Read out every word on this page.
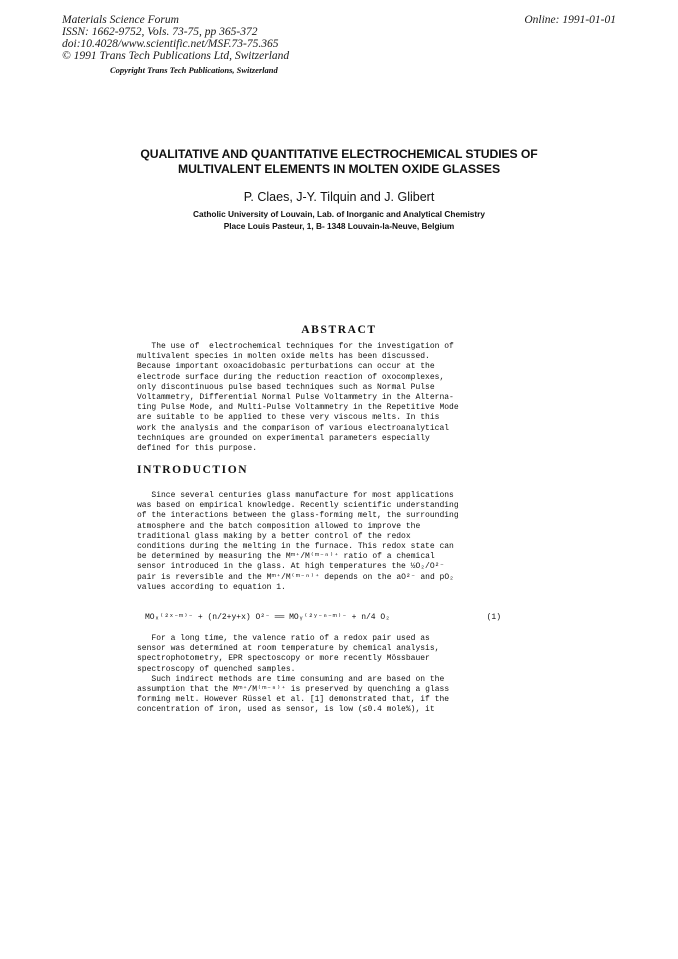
Materials Science Forum
ISSN: 1662-9752, Vols. 73-75, pp 365-372
doi:10.4028/www.scientific.net/MSF.73-75.365
© 1991 Trans Tech Publications Ltd, Switzerland
Online: 1991-01-01
Copyright Trans Tech Publications, Switzerland
QUALITATIVE AND QUANTITATIVE ELECTROCHEMICAL STUDIES OF
MULTIVALENT ELEMENTS IN MOLTEN OXIDE GLASSES
P. Claes, J-Y. Tilquin and J. Glibert
Catholic University of Louvain, Lab. of Inorganic and Analytical Chemistry
Place Louis Pasteur, 1, B- 1348 Louvain-la-Neuve, Belgium
ABSTRACT
The use of  electrochemical techniques for the investigation of
multivalent species in molten oxide melts has been discussed.
Because important oxoacidobasic perturbations can occur at the
electrode surface during the reduction reaction of oxocomplexes,
only discontinuous pulse based techniques such as Normal Pulse
Voltammetry, Differential Normal Pulse Voltammetry in the Alterna-
ting Pulse Mode, and Multi-Pulse Voltammetry in the Repetitive Mode
are suitable to be applied to these very viscous melts. In this
work the analysis and the comparison of various electroanalytical
techniques are grounded on experimental parameters especially
defined for this purpose.
INTRODUCTION
Since several centuries glass manufacture for most applications
was based on empirical knowledge. Recently scientific understanding
of the interactions between the glass-forming melt, the surrounding
atmosphere and the batch composition allowed to improve the
traditional glass making by a better control of the redox
conditions during the melting in the furnace. This redox state can
be determined by measuring the Mᵐ⁺/M⁽ᵐ⁻ⁿ⁾⁺ ratio of a chemical
sensor introduced in the glass. At high temperatures the ½O₂/O²⁻
pair is reversible and the Mᵐ⁺/M⁽ᵐ⁻ⁿ⁾⁺ depends on the aO²⁻ and pO₂
values according to equation 1.
MOₓ⁽²ˣ⁻ᵐ⁾⁻ + (n/2+y+x) O²⁻ ══ MOᵧ⁽²ʸ⁻ⁿ⁻ᵐ⁾⁻ + n/4 O₂	(1)
For a long time, the valence ratio of a redox pair used as
sensor was determined at room temperature by chemical analysis,
spectrophotometry, EPR spectoscopy or more recently Mössbauer
spectroscopy of quenched samples.
Such indirect methods are time consuming and are based on the
assumption that the Mᵐ⁺/M⁽ᵐ⁻ⁿ⁾⁺ is preserved by quenching a glass
forming melt. However Rüssel et al. [1] demonstrated that, if the
concentration of iron, used as sensor, is low (≤0.4 mole%), it
